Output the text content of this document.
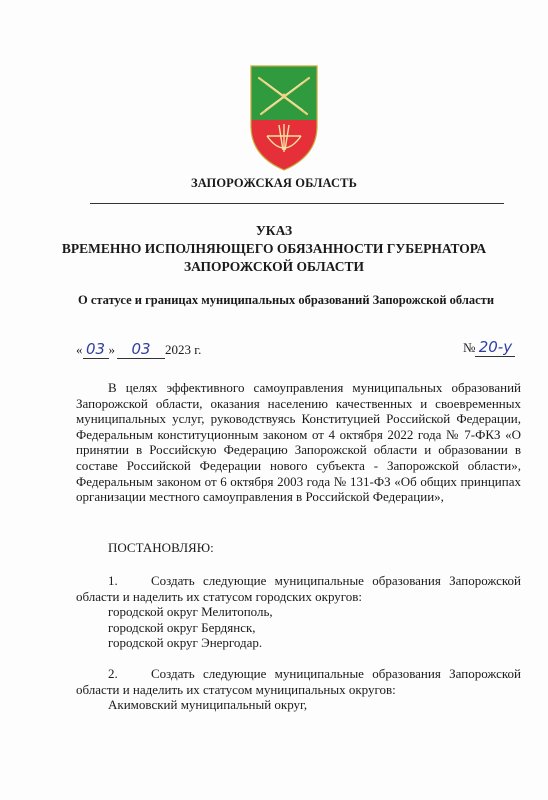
ЗАПОРОЖСКАЯ ОБЛАСТЬ
УКАЗ
ВРЕМЕННО ИСПОЛНЯЮЩЕГО ОБЯЗАННОСТИ ГУБЕРНАТОРА
ЗАПОРОЖСКОЙ ОБЛАСТИ
О статусе и границах муниципальных образований Запорожской области
« 03 » 03 2023 г.	№ 20-у
В целях эффективного самоуправления муниципальных образований Запорожской области, оказания населению качественных и своевременных муниципальных услуг, руководствуясь Конституцией Российской Федерации, Федеральным конституционным законом от 4 октября 2022 года № 7-ФКЗ «О принятии в Российскую Федерацию Запорожской области и образовании в составе Российской Федерации нового субъекта - Запорожской области», Федеральным законом от 6 октября 2003 года № 131-ФЗ «Об общих принципах организации местного самоуправления в Российской Федерации»,
ПОСТАНОВЛЯЮ:
1.	Создать следующие муниципальные образования Запорожской области и наделить их статусом городских округов:
городской округ Мелитополь,
городской округ Бердянск,
городской округ Энергодар.
2.	Создать следующие муниципальные образования Запорожской области и наделить их статусом муниципальных округов:
Акимовский муниципальный округ,
